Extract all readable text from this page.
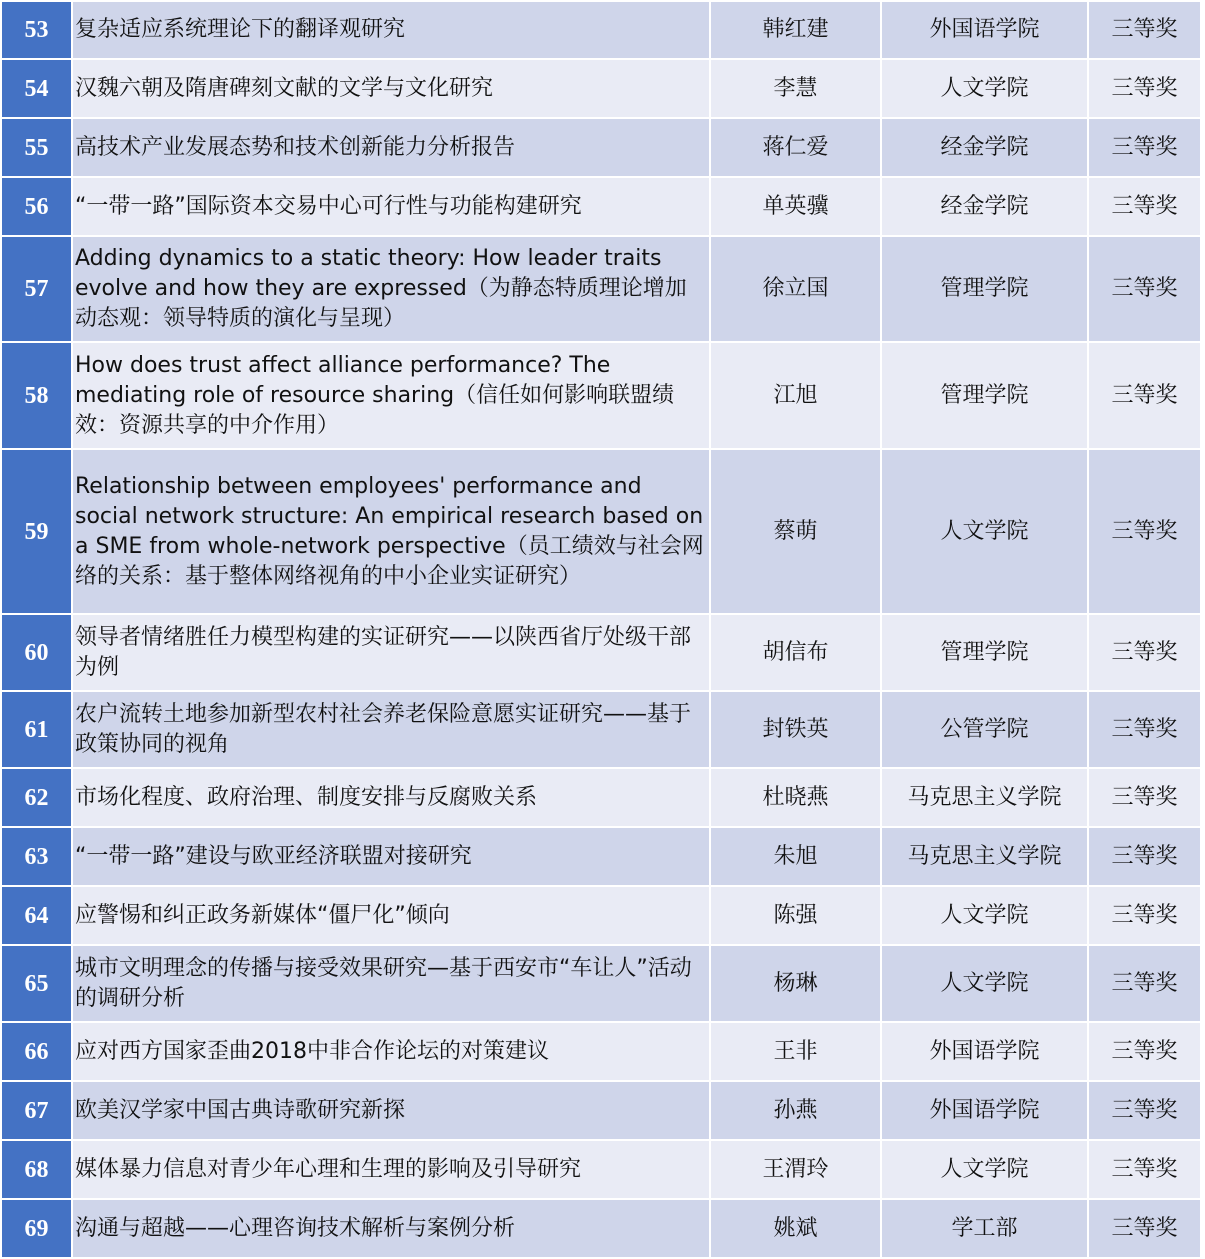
53	复杂适应系统理论下的翻译观研究	韩红建	外国语学院	三等奖
54	汉魏六朝及隋唐碑刻文献的文学与文化研究	李慧	人文学院	三等奖
55	高技术产业发展态势和技术创新能力分析报告	蒋仁爱	经金学院	三等奖
56	“一带一路”国际资本交易中心可行性与功能构建研究	单英骥	经金学院	三等奖
57	Adding dynamics to a static theory: How leader traits evolve and how they are expressed（为静态特质理论增加动态观：领导特质的演化与呈现）	徐立国	管理学院	三等奖
58	How does trust affect alliance performance? The mediating role of resource sharing（信任如何影响联盟绩效：资源共享的中介作用）	江旭	管理学院	三等奖
59	Relationship between employees' performance and social network structure: An empirical research based on a SME from whole-network perspective（员工绩效与社会网络的关系：基于整体网络视角的中小企业实证研究）	蔡萌	人文学院	三等奖
60	领导者情绪胜任力模型构建的实证研究——以陕西省厅处级干部为例	胡信布	管理学院	三等奖
61	农户流转土地参加新型农村社会养老保险意愿实证研究——基于政策协同的视角	封铁英	公管学院	三等奖
62	市场化程度、政府治理、制度安排与反腐败关系	杜晓燕	马克思主义学院	三等奖
63	“一带一路”建设与欧亚经济联盟对接研究	朱旭	马克思主义学院	三等奖
64	应警惕和纠正政务新媒体“僵尸化”倾向	陈强	人文学院	三等奖
65	城市文明理念的传播与接受效果研究—基于西安市“车让人”活动的调研分析	杨琳	人文学院	三等奖
66	应对西方国家歪曲2018中非合作论坛的对策建议	王非	外国语学院	三等奖
67	欧美汉学家中国古典诗歌研究新探	孙燕	外国语学院	三等奖
68	媒体暴力信息对青少年心理和生理的影响及引导研究	王渭玲	人文学院	三等奖
69	沟通与超越——心理咨询技术解析与案例分析	姚斌	学工部	三等奖
